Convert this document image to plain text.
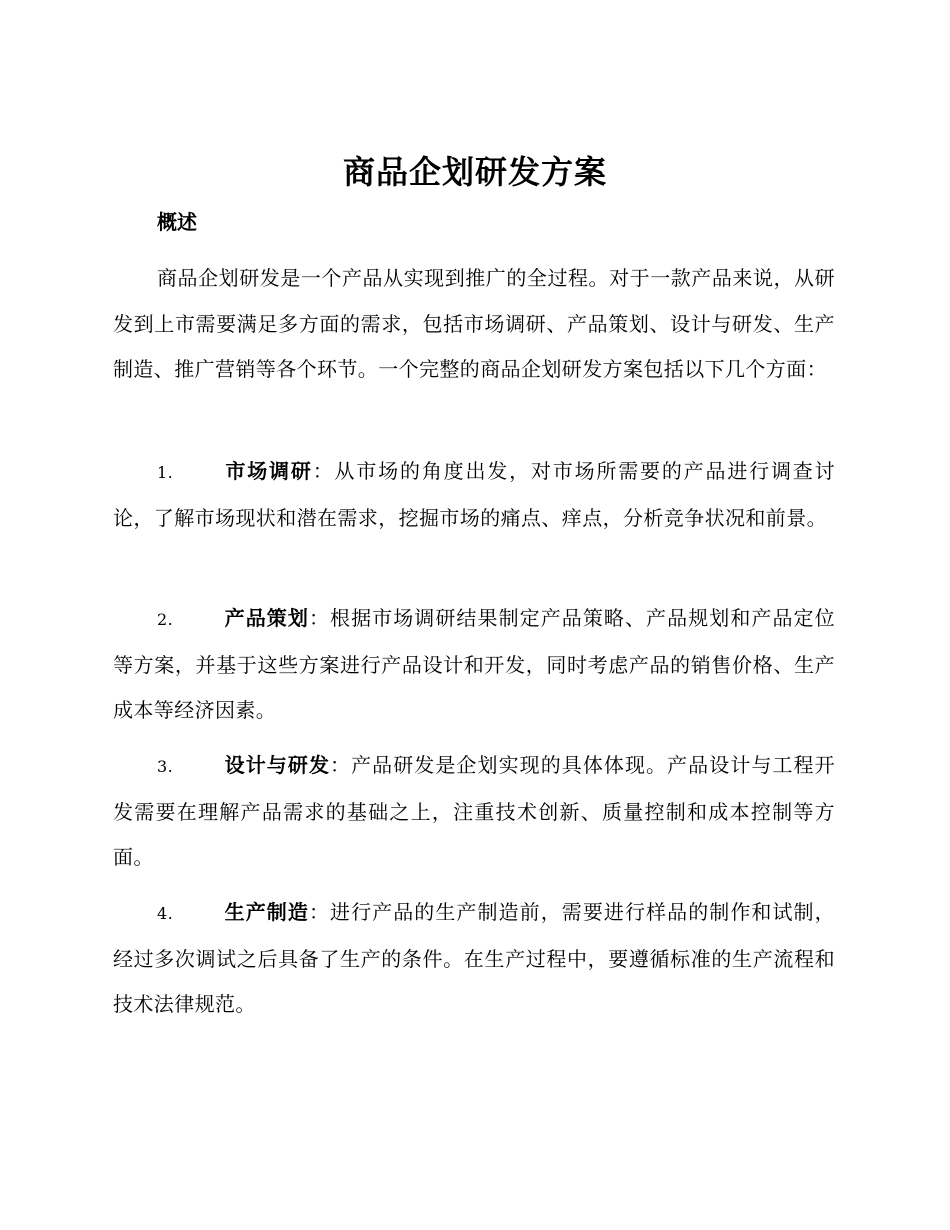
商品企划研发方案
概述

商品企划研发是一个产品从实现到推广的全过程。对于一款产品来说，从研发到上市需要满足多方面的需求，包括市场调研、产品策划、设计与研发、生产制造、推广营销等各个环节。一个完整的商品企划研发方案包括以下几个方面：

1.	市场调研：从市场的角度出发，对市场所需要的产品进行调查讨论，了解市场现状和潜在需求，挖掘市场的痛点、痒点，分析竞争状况和前景。

2.	产品策划：根据市场调研结果制定产品策略、产品规划和产品定位等方案，并基于这些方案进行产品设计和开发，同时考虑产品的销售价格、生产成本等经济因素。

3.	设计与研发：产品研发是企划实现的具体体现。产品设计与工程开发需要在理解产品需求的基础之上，注重技术创新、质量控制和成本控制等方面。

4.	生产制造：进行产品的生产制造前，需要进行样品的制作和试制，经过多次调试之后具备了生产的条件。在生产过程中，要遵循标准的生产流程和技术法律规范。
